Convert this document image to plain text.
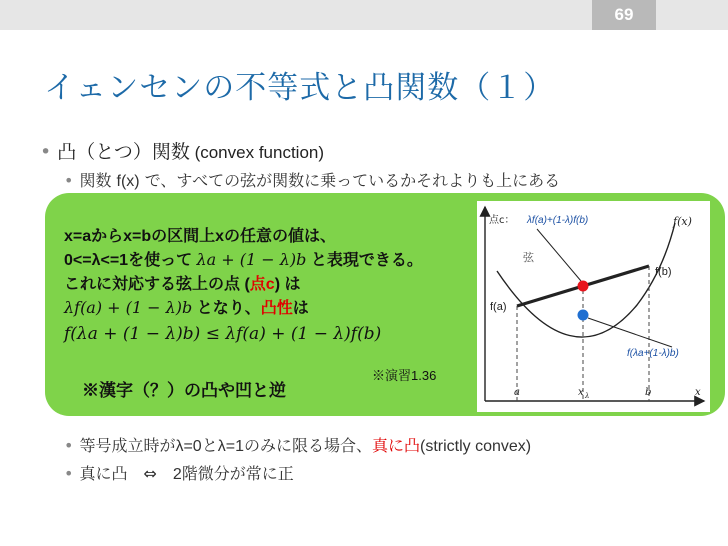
69
イェンセンの不等式と凸関数（１）
• 凸（とつ）関数 (convex function)
• 関数 f(x) で、すべての弦が関数に乗っているかそれよりも上にある
x=aからx=bの区間上xの任意の値は、
0<=λ<=1を使って λa + (1 − λ)b と表現できる。
これに対応する弦上の点 (点c) は
λf(a) + (1 − λ)b となり、凸性は
f(λa + (1 − λ)b) ≤ λf(a) + (1 − λ)f(b)
※漢字（？）の凸や凹と逆
※演習1.36
点c： λf(a)+(1-λ)f(b)
弦
f(x)
f(b)
f(a)
f(λa+(1-λ)b)
a	x λ	b	x
• 等号成立時がλ=0とλ=1のみに限る場合、真に凸(strictly convex)
• 真に凸　⇔　2階微分が常に正
